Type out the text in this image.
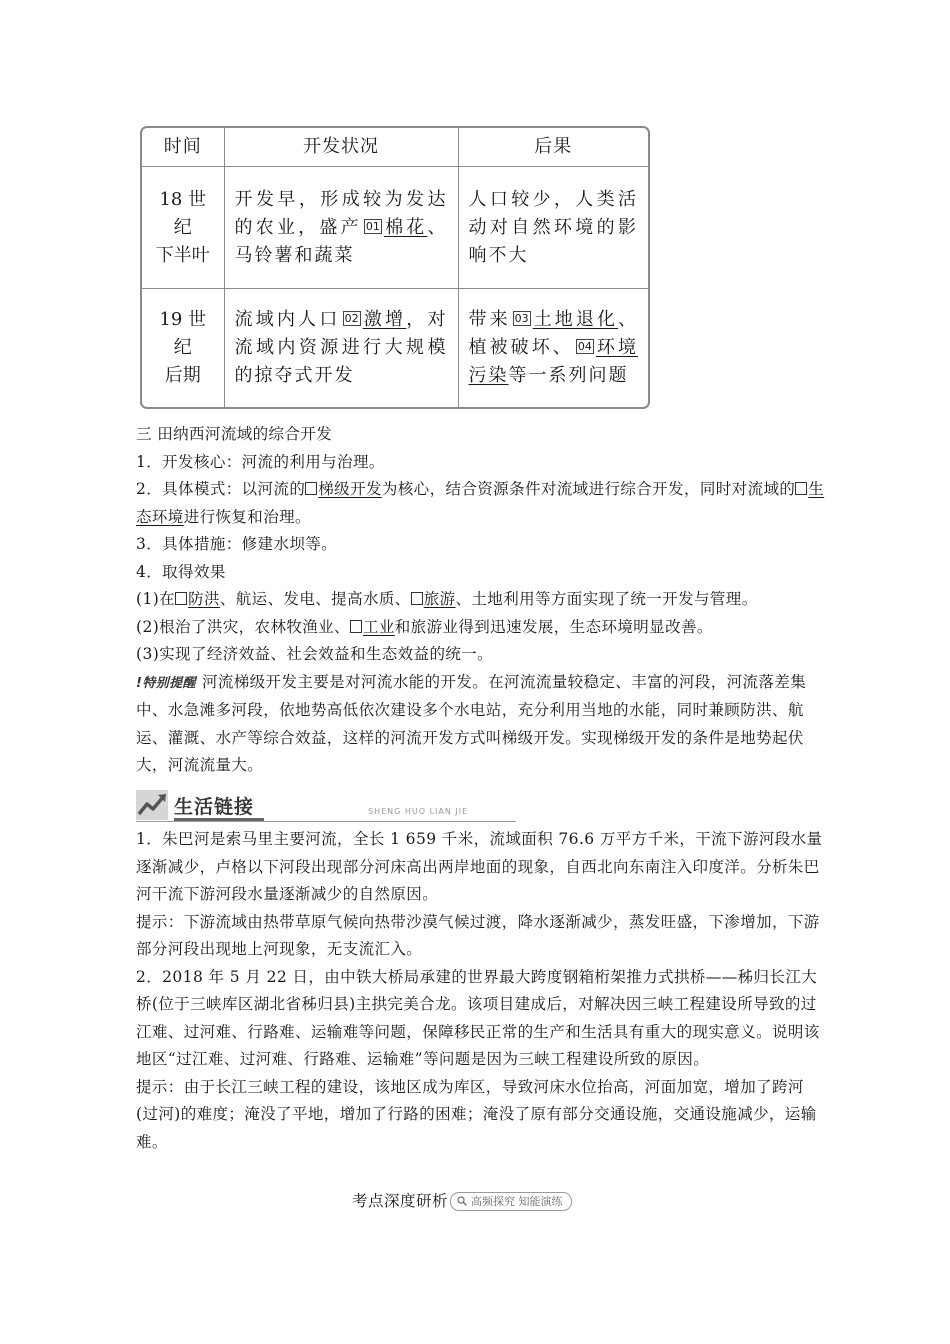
时间	开发状况	后果

18 世纪
下半叶	开发早，形成较为发达的农业，盛产 01 棉花、马铃薯和蔬菜	人口较少，人类活动对自然环境的影响不大

19 世纪
后期	流域内人口 02 激增，对流域内资源进行大规模的掠夺式开发	带来 03 土地退化、植被破坏、 04 环境污染等一系列问题
三 田纳西河流域的综合开发
1．开发核心：河流的利用与治理。
2．具体模式：以河流的 梯级开发为核心，结合资源条件对流域进行综合开发，同时对流域的 生态环境进行恢复和治理。
3．具体措施：修建水坝等。
4．取得效果
(1)在 防洪、航运、发电、提高水质、 旅游、土地利用等方面实现了统一开发与管理。
(2)根治了洪灾，农林牧渔业、 工业和旅游业得到迅速发展，生态环境明显改善。
(3)实现了经济效益、社会效益和生态效益的统一。
!特别提醒 河流梯级开发主要是对河流水能的开发。在河流流量较稳定、丰富的河段，河流落差集中、水急滩多河段，依地势高低依次建设多个水电站，充分利用当地的水能，同时兼顾防洪、航运、灌溉、水产等综合效益，这样的河流开发方式叫梯级开发。实现梯级开发的条件是地势起伏大，河流流量大。
生活链接	SHENG HUO LIAN JIE
1．朱巴河是索马里主要河流，全长 1 659 千米，流域面积 76.6 万平方千米，干流下游河段水量逐渐减少，卢格以下河段出现部分河床高出两岸地面的现象，自西北向东南注入印度洋。分析朱巴河干流下游河段水量逐渐减少的自然原因。
提示：下游流域由热带草原气候向热带沙漠气候过渡，降水逐渐减少，蒸发旺盛，下渗增加，下游部分河段出现地上河现象，无支流汇入。
2．2018 年 5 月 22 日，由中铁大桥局承建的世界最大跨度钢箱桁架推力式拱桥——秭归长江大桥(位于三峡库区湖北省秭归县)主拱完美合龙。该项目建成后，对解决因三峡工程建设所导致的过江难、过河难、行路难、运输难等问题，保障移民正常的生产和生活具有重大的现实意义。说明该地区“过江难、过河难、行路难、运输难”等问题是因为三峡工程建设所致的原因。
提示：由于长江三峡工程的建设，该地区成为库区，导致河床水位抬高，河面加宽，增加了跨河(过河)的难度；淹没了平地，增加了行路的困难；淹没了原有部分交通设施，交通设施减少，运输难。
考点深度研析 高频探究 知能演练
